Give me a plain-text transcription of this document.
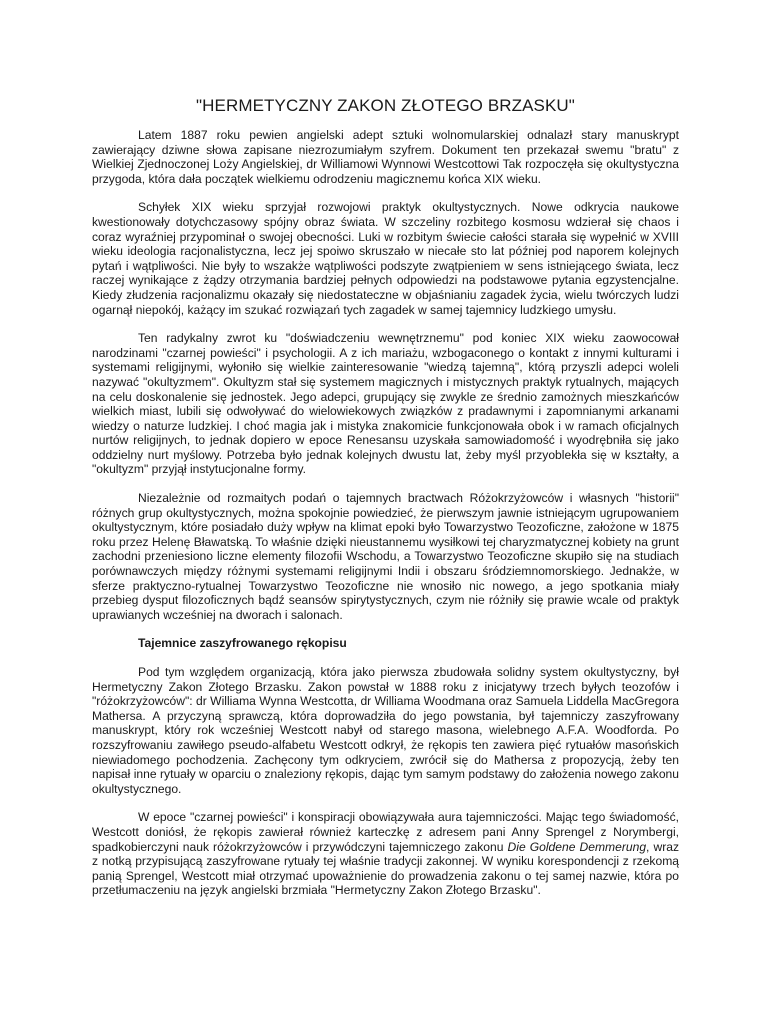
"HERMETYCZNY ZAKON ZŁOTEGO BRZASKU"

Latem 1887 roku pewien angielski adept sztuki wolnomularskiej odnalazł stary manuskrypt zawierający dziwne słowa zapisane niezrozumiałym szyfrem. Dokument ten przekazał swemu "bratu" z Wielkiej Zjednoczonej Loży Angielskiej, dr Williamowi Wynnowi Westcottowi Tak rozpoczęła się okultystyczna przygoda, która dała początek wielkiemu odrodzeniu magicznemu końca XIX wieku.

Schyłek XIX wieku sprzyjał rozwojowi praktyk okultystycznych. Nowe odkrycia naukowe kwestionowały dotychczasowy spójny obraz świata. W szczeliny rozbitego kosmosu wdzierał się chaos i coraz wyraźniej przypominał o swojej obecności. Luki w rozbitym świecie całości starała się wypełnić w XVIII wieku ideologia racjonalistyczna, lecz jej spoiwo skruszało w niecałe sto lat później pod naporem kolejnych pytań i wątpliwości. Nie były to wszakże wątpliwości podszyte zwątpieniem w sens istniejącego świata, lecz raczej wynikające z żądzy otrzymania bardziej pełnych odpowiedzi na podstawowe pytania egzystencjalne. Kiedy złudzenia racjonalizmu okazały się niedostateczne w objaśnianiu zagadek życia, wielu twórczych ludzi ogarnął niepokój, każący im szukać rozwiązań tych zagadek w samej tajemnicy ludzkiego umysłu.

Ten radykalny zwrot ku "doświadczeniu wewnętrznemu" pod koniec XIX wieku zaowocował narodzinami "czarnej powieści" i psychologii. A z ich mariażu, wzbogaconego o kontakt z innymi kulturami i systemami religijnymi, wyłoniło się wielkie zainteresowanie "wiedzą tajemną", którą przyszli adepci woleli nazywać "okultyzmem". Okultyzm stał się systemem magicznych i mistycznych praktyk rytualnych, mających na celu doskonalenie się jednostek. Jego adepci, grupujący się zwykle ze średnio zamożnych mieszkańców wielkich miast, lubili się odwoływać do wielowiekowych związków z pradawnymi i zapomnianymi arkanami wiedzy o naturze ludzkiej. I choć magia jak i mistyka znakomicie funkcjonowała obok i w ramach oficjalnych nurtów religijnych, to jednak dopiero w epoce Renesansu uzyskała samowiadomość i wyodrębniła się jako oddzielny nurt myślowy. Potrzeba było jednak kolejnych dwustu lat, żeby myśl przyoblekła się w kształty, a "okultyzm" przyjął instytucjonalne formy.

Niezależnie od rozmaitych podań o tajemnych bractwach Różokrzyżowców i własnych "historii" różnych grup okultystycznych, można spokojnie powiedzieć, że pierwszym jawnie istniejącym ugrupowaniem okultystycznym, które posiadało duży wpływ na klimat epoki było Towarzystwo Teozoficzne, założone w 1875 roku przez Helenę Bławatską. To właśnie dzięki nieustannemu wysiłkowi tej charyzmatycznej kobiety na grunt zachodni przeniesiono liczne elementy filozofii Wschodu, a Towarzystwo Teozoficzne skupiło się na studiach porównawczych między różnymi systemami religijnymi Indii i obszaru śródziemnomorskiego. Jednakże, w sferze praktyczno-rytualnej Towarzystwo Teozoficzne nie wnosiło nic nowego, a jego spotkania miały przebieg dysput filozoficznych bądź seansów spirytystycznych, czym nie różniły się prawie wcale od praktyk uprawianych wcześniej na dworach i salonach.

Tajemnice zaszyfrowanego rękopisu

Pod tym względem organizacją, która jako pierwsza zbudowała solidny system okultystyczny, był Hermetyczny Zakon Złotego Brzasku. Zakon powstał w 1888 roku z inicjatywy trzech byłych teozofów i "różokrzyżowców": dr Williama Wynna Westcotta, dr Williama Woodmana oraz Samuela Liddella MacGregora Mathersa. A przyczyną sprawczą, która doprowadziła do jego powstania, był tajemniczy zaszyfrowany manuskrypt, który rok wcześniej Westcott nabył od starego masona, wielebnego A.F.A. Woodforda. Po rozszyfrowaniu zawiłego pseudo-alfabetu Westcott odkrył, że rękopis ten zawiera pięć rytuałów masońskich niewiadomego pochodzenia. Zachęcony tym odkryciem, zwrócił się do Mathersa z propozycją, żeby ten napisał inne rytuały w oparciu o znaleziony rękopis, dając tym samym podstawy do założenia nowego zakonu okultystycznego.

W epoce "czarnej powieści" i konspiracji obowiązywała aura tajemniczości. Mając tego świadomość, Westcott doniósł, że rękopis zawierał również karteczkę z adresem pani Anny Sprengel z Norymbergi, spadkobierczyni nauk różokrzyżowców i przywódczyni tajemniczego zakonu Die Goldene Demmerung, wraz z notką przypisującą zaszyfrowane rytuały tej właśnie tradycji zakonnej. W wyniku korespondencji z rzekomą panią Sprengel, Westcott miał otrzymać upoważnienie do prowadzenia zakonu o tej samej nazwie, która po przetłumaczeniu na język angielski brzmiała "Hermetyczny Zakon Złotego Brzasku".
